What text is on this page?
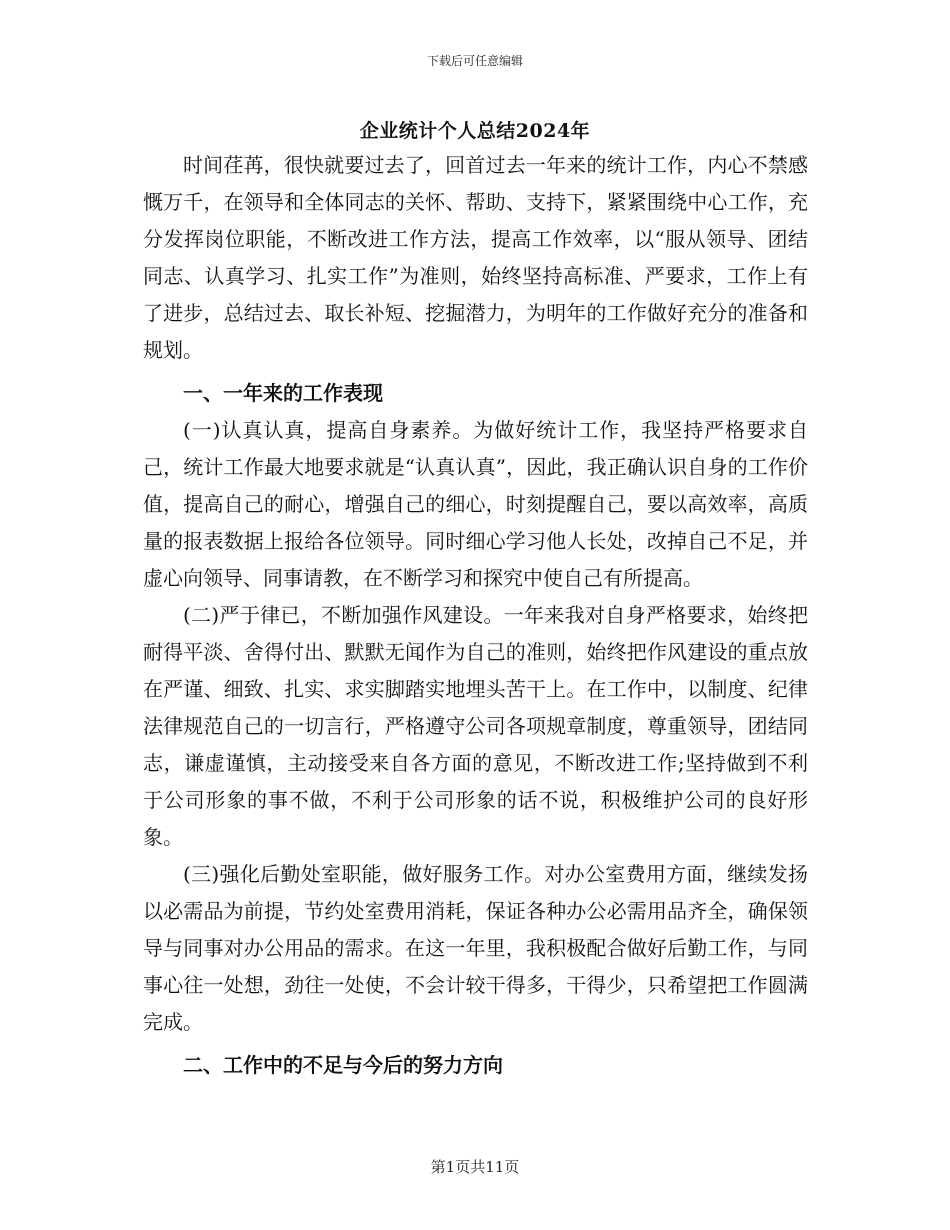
下载后可任意编辑
企业统计个人总结2024年

时间荏苒，很快就要过去了，回首过去一年来的统计工作，内心不禁感慨万千，在领导和全体同志的关怀、帮助、支持下，紧紧围绕中心工作，充分发挥岗位职能，不断改进工作方法，提高工作效率，以“服从领导、团结同志、认真学习、扎实工作”为准则，始终坚持高标准、严要求，工作上有了进步，总结过去、取长补短、挖掘潜力，为明年的工作做好充分的准备和规划。

一、一年来的工作表现

(一)认真认真，提高自身素养。为做好统计工作，我坚持严格要求自己，统计工作最大地要求就是“认真认真”，因此，我正确认识自身的工作价值，提高自己的耐心，增强自己的细心，时刻提醒自己，要以高效率，高质量的报表数据上报给各位领导。同时细心学习他人长处，改掉自己不足，并虚心向领导、同事请教，在不断学习和探究中使自己有所提高。

(二)严于律已，不断加强作风建设。一年来我对自身严格要求，始终把耐得平淡、舍得付出、默默无闻作为自己的准则，始终把作风建设的重点放在严谨、细致、扎实、求实脚踏实地埋头苦干上。在工作中，以制度、纪律法律规范自己的一切言行，严格遵守公司各项规章制度，尊重领导，团结同志，谦虚谨慎，主动接受来自各方面的意见，不断改进工作;坚持做到不利于公司形象的事不做，不利于公司形象的话不说，积极维护公司的良好形象。

(三)强化后勤处室职能，做好服务工作。对办公室费用方面，继续发扬以必需品为前提，节约处室费用消耗，保证各种办公必需用品齐全，确保领导与同事对办公用品的需求。在这一年里，我积极配合做好后勤工作，与同事心往一处想，劲往一处使，不会计较干得多，干得少，只希望把工作圆满完成。

二、工作中的不足与今后的努力方向
第1页共11页
